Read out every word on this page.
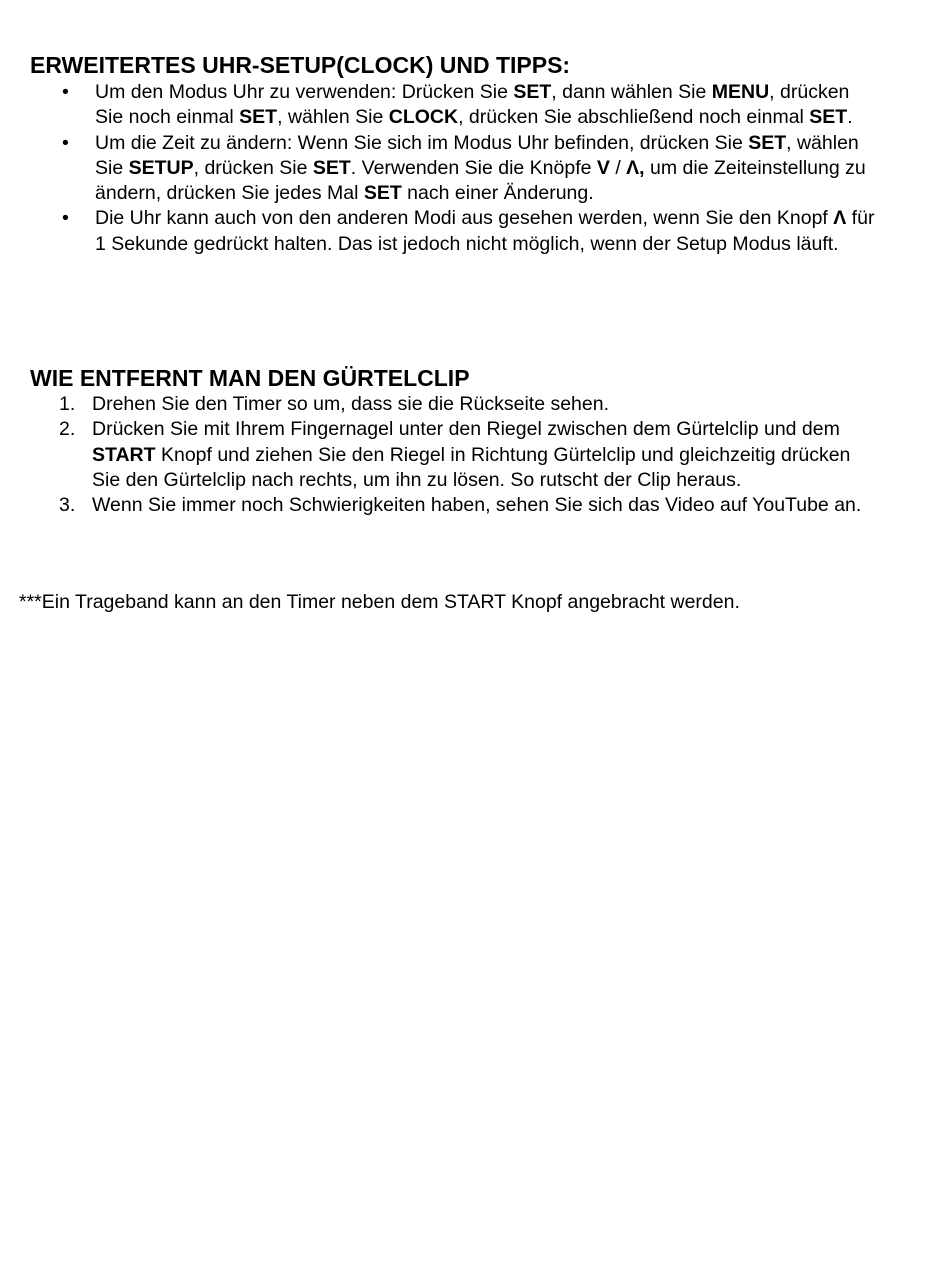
ERWEITERTES UHR-SETUP(CLOCK) UND TIPPS:
• Um den Modus Uhr zu verwenden: Drücken Sie SET, dann wählen Sie MENU, drücken Sie noch einmal SET, wählen Sie CLOCK, drücken Sie abschließend noch einmal SET.
• Um die Zeit zu ändern: Wenn Sie sich im Modus Uhr befinden, drücken Sie SET, wählen Sie SETUP, drücken Sie SET. Verwenden Sie die Knöpfe V / Λ, um die Zeiteinstellung zu ändern, drücken Sie jedes Mal SET nach einer Änderung.
• Die Uhr kann auch von den anderen Modi aus gesehen werden, wenn Sie den Knopf Λ für 1 Sekunde gedrückt halten. Das ist jedoch nicht möglich, wenn der Setup Modus läuft.
WIE ENTFERNT MAN DEN GÜRTELCLIP
1. Drehen Sie den Timer so um, dass sie die Rückseite sehen.
2. Drücken Sie mit Ihrem Fingernagel unter den Riegel zwischen dem Gürtelclip und dem START Knopf und ziehen Sie den Riegel in Richtung Gürtelclip und gleichzeitig drücken Sie den Gürtelclip nach rechts, um ihn zu lösen. So rutscht der Clip heraus.
3. Wenn Sie immer noch Schwierigkeiten haben, sehen Sie sich das Video auf YouTube an.

***Ein Trageband kann an den Timer neben dem START Knopf angebracht werden.
